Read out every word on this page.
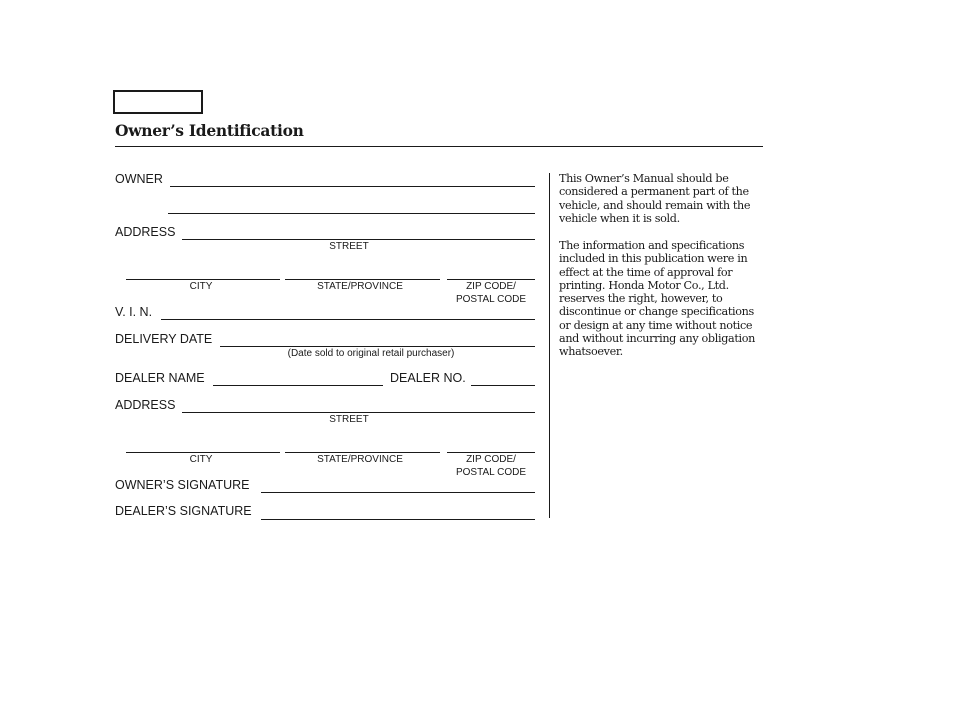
Owner’s Identification
OWNER
ADDRESS
STREET
CITY	STATE/PROVINCE	ZIP CODE/
POSTAL CODE
V. I. N.
DELIVERY DATE
(Date sold to original retail purchaser)
DEALER NAME	DEALER NO.
ADDRESS
STREET
CITY	STATE/PROVINCE	ZIP CODE/
POSTAL CODE
OWNER’S SIGNATURE
DEALER’S SIGNATURE
This Owner’s Manual should be considered a permanent part of the vehicle, and should remain with the vehicle when it is sold.
The information and specifications included in this publication were in effect at the time of approval for printing. Honda Motor Co., Ltd. reserves the right, however, to discontinue or change specifications or design at any time without notice and without incurring any obligation whatsoever.
